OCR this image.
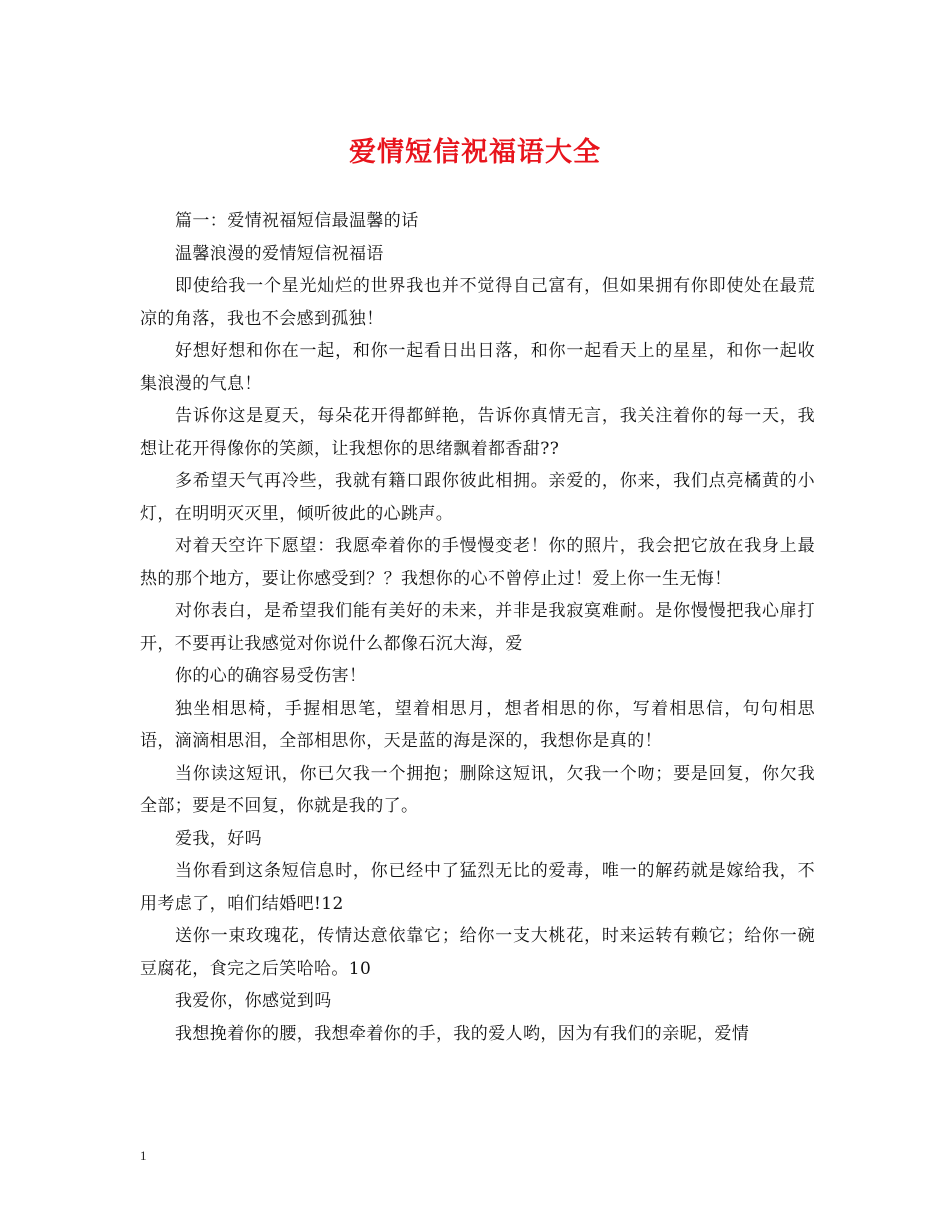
爱情短信祝福语大全

篇一：爱情祝福短信最温馨的话

温馨浪漫的爱情短信祝福语

即使给我一个星光灿烂的世界我也并不觉得自己富有，但如果拥有你即使处在最荒凉的角落，我也不会感到孤独！

好想好想和你在一起，和你一起看日出日落，和你一起看天上的星星，和你一起收集浪漫的气息！

告诉你这是夏天，每朵花开得都鲜艳，告诉你真情无言，我关注着你的每一天，我想让花开得像你的笑颜，让我想你的思绪飘着都香甜??

多希望天气再冷些，我就有籍口跟你彼此相拥。亲爱的，你来，我们点亮橘黄的小灯，在明明灭灭里，倾听彼此的心跳声。

对着天空许下愿望：我愿牵着你的手慢慢变老！你的照片，我会把它放在我身上最热的那个地方，要让你感受到？？我想你的心不曾停止过！爱上你一生无悔！

对你表白，是希望我们能有美好的未来，并非是我寂寞难耐。是你慢慢把我心扉打开，不要再让我感觉对你说什么都像石沉大海，爱

你的心的确容易受伤害！

独坐相思椅，手握相思笔，望着相思月，想者相思的你，写着相思信，句句相思语，滴滴相思泪，全部相思你，天是蓝的海是深的，我想你是真的！

当你读这短讯，你已欠我一个拥抱；删除这短讯，欠我一个吻；要是回复，你欠我全部；要是不回复，你就是我的了。

爱我，好吗

当你看到这条短信息时，你已经中了猛烈无比的爱毒，唯一的解药就是嫁给我，不用考虑了，咱们结婚吧!12

送你一束玫瑰花，传情达意依靠它；给你一支大桃花，时来运转有赖它；给你一碗豆腐花，食完之后笑哈哈。10

我爱你，你感觉到吗

我想挽着你的腰，我想牵着你的手，我的爱人哟，因为有我们的亲昵，爱情

1
